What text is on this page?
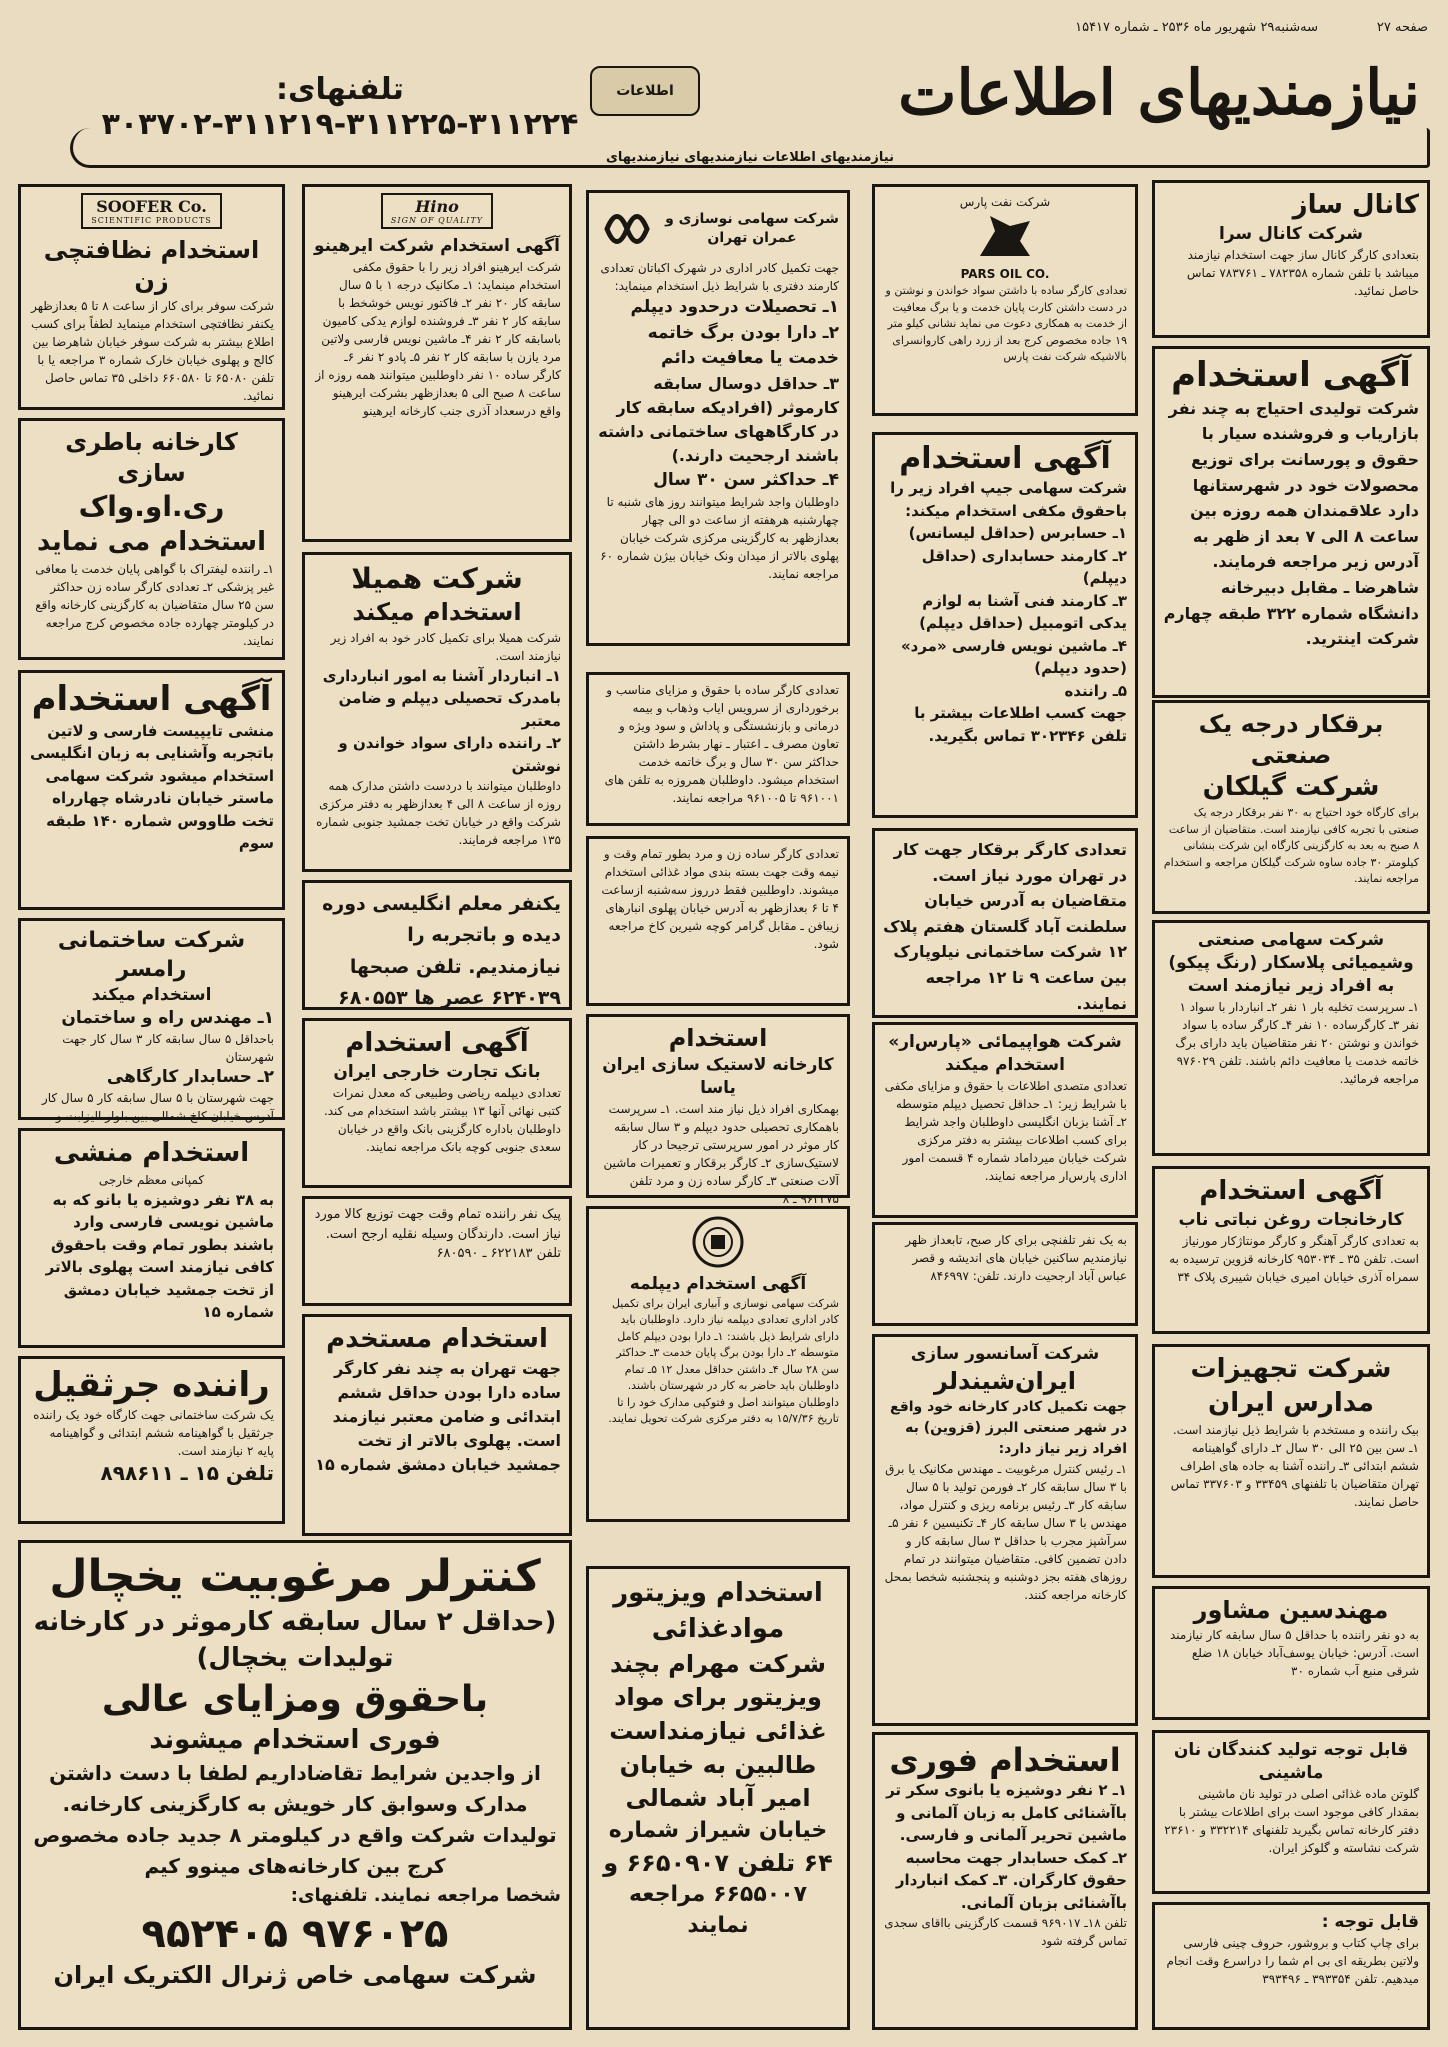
صفحه ۲۷
سه‌شنبه۲۹ شهریور ماه ۲۵۳۶ ـ شماره ۱۵۴۱۷
نیازمندیهای اطلاعات
نیازمندیهای اطلاعات نیازمندیهای نیازمندیهای
اطلاعات
تلفنهای: ۳۰۳۷۰۲-۳۱۱۲۱۹-۳۱۱۲۲۵-۳۱۱۲۲۴
SOOFER Co.
SCIENTIFIC PRODUCTS
استخدام نظافتچی زن
شرکت سوفر برای کار از ساعت ۸ تا ۵ بعدازظهر یکنفر نظافتچی استخدام مینماید لطفاً برای کسب اطلاع بیشتر به شرکت سوفر خیابان شاهرضا بین کالج و پهلوی خیابان خارک شماره ۳ مراجعه یا با تلفن ۶۵۰۸۰ تا ۶۶۰۵۸۰ داخلی ۳۵ تماس حاصل نمائید.
کارخانه باطری سازی
ری.او.واک
استخدام می نماید
۱ـ راننده لیفتراک با گواهی پایان خدمت یا معافی غیر پزشکی ۲ـ تعدادی کارگر ساده زن حداکثر سن ۲۵ سال متقاضیان به کارگزینی کارخانه واقع در کیلومتر چهارده جاده مخصوص کرج مراجعه نمایند.
آگهی استخدام
منشی تایپیست فارسی و لاتین باتجربه وآشنایی به زبان انگلیسی استخدام میشود شرکت سهامی ماستر خیابان نادرشاه چهارراه تخت طاووس شماره ۱۴۰ طبقه سوم
شرکت ساختمانی رامسر
استخدام میکند
۱ـ مهندس راه و ساختمان
باحداقل ۵ سال سابقه کار ۳ سال کار جهت شهرستان
۲ـ حسابدار کارگاهی
جهت شهرستان با ۵ سال سابقه کار ۵ سال کار آدرس خیابان کاخ شمالی بین بلوار الیزابت و
استخدام منشی
کمپانی معظم خارجی
به ۳۸ نفر دوشیزه یا بانو که به ماشین نویسی فارسی وارد باشند بطور تمام وقت باحقوق کافی نیازمند است پهلوی بالاتر از تخت جمشید خیابان دمشق شماره ۱۵
راننده جرثقیل
یک شرکت ساختمانی جهت کارگاه خود یک راننده جرثقیل با گواهینامه ششم ابتدائی و گواهینامه پایه ۲ نیازمند است.
تلفن ۱۵ ـ ۸۹۸۶۱۱
Hino
SIGN OF QUALITY
آگهی استخدام شرکت ایرهینو
شرکت ایرهینو افراد زیر را با حقوق مکفی استخدام مینماید: ۱ـ مکانیک درجه ۱ با ۵ سال سابقه کار ۲۰ نفر ۲ـ فاکتور نویس خوشخط با سابقه کار ۲ نفر ۳ـ فروشنده لوازم یدکی کامیون باسابقه کار ۲ نفر ۴ـ ماشین نویس فارسی ولاتین مرد یازن با سابقه کار ۲ نفر ۵ـ پادو ۲ نفر ۶ـ کارگر ساده ۱۰ نفر داوطلبین میتوانند همه روزه از ساعت ۸ صبح الی ۵ بعدازظهر بشرکت ایرهینو واقع درسعداد آذری جنب کارخانه ایرهینو
شرکت همیلا
استخدام میکند
شرکت همیلا برای تکمیل کادر خود به افراد زیر نیازمند است.
۱ـ انباردار آشنا به امور انبارداری بامدرک تحصیلی دیپلم و ضامن معتبر
۲ـ راننده دارای سواد خواندن و نوشتن
داوطلبان میتوانند با دردست داشتن مدارک همه روزه از ساعت ۸ الی ۴ بعدازظهر به دفتر مرکزی شرکت واقع در خیابان تخت جمشید جنوبی شماره ۱۳۵ مراجعه فرمایند.
یکنفر معلم انگلیسی دوره دیده و باتجربه را نیازمندیم. تلفن صبحها ۶۲۴۰۳۹ عصر ها ۶۸۰۵۵۳
آگهی استخدام
بانک تجارت خارجی ایران
تعدادی دیپلمه ریاضی وطبیعی که معدل نمرات کتبی نهائی آنها ۱۳ بیشتر باشد استخدام می کند. داوطلبان باداره کارگزینی بانک واقع در خیابان سعدی جنوبی کوچه بانک مراجعه نمایند.
پیک نفر راننده تمام وقت جهت توزیع کالا مورد نیاز است. دارندگان وسیله نقلیه ارجح است. تلفن ۶۲۲۱۸۳ ـ ۶۸۰۵۹۰
استخدام مستخدم
جهت تهران به چند نفر کارگر ساده دارا بودن حداقل ششم ابتدائی و ضامن معتبر نیازمند است. پهلوی بالاتر از تخت جمشید خیابان دمشق شماره ۱۵
کنترلر مرغوبیت یخچال
(حداقل ۲ سال سابقه کارموثر در کارخانه تولیدات یخچال)
باحقوق ومزایای عالی
فوری استخدام میشوند
از واجدین شرایط تقاضاداریم لطفا با دست داشتن مدارک وسوابق کار خویش به کارگزینی کارخانه. تولیدات شرکت واقع در کیلومتر ۸ جدید جاده مخصوص کرج بین کارخانه‌های مینوو کیم
شخصا مراجعه نمایند. تلفنهای:
۹۵۲۴۰۵ ۹۷۶۰۲۵
شرکت سهامی خاص ژنرال الکتریک ایران
شرکت سهامی نوسازی و عمران تهران
جهت تکمیل کادر اداری در شهرک اکباتان تعدادی کارمند دفتری با شرایط ذیل استخدام مینماید:
۱ـ تحصیلات درحدود دیپلم
۲ـ دارا بودن برگ خاتمه خدمت یا معافیت دائم
۳ـ حداقل دوسال سابقه کارموثر (افرادیکه سابقه کار در کارگاههای ساختمانی داشته باشند ارجحیت دارند.)
۴ـ حداکثر سن ۳۰ سال
داوطلبان واجد شرایط میتوانند روز های شنبه تا چهارشنبه هرهفته از ساعت دو الی چهار بعدازظهر به کارگزینی مرکزی شرکت خیابان پهلوی بالاتر از میدان ونک خیابان بیژن شماره ۶۰ مراجعه نمایند.
تعدادی کارگر ساده با حقوق و مزایای مناسب و برخورداری از سرویس ایاب وذهاب و بیمه درمانی و بازنشستگی و پاداش و سود ویژه و تعاون مصرف ـ اعتبار ـ نهار بشرط داشتن حداکثر سن ۳۰ سال و برگ خاتمه خدمت استخدام میشود. داوطلبان همروزه به تلفن های ۹۶۱۰۰۱ تا ۹۶۱۰۰۵ مراجعه نمایند.
تعدادی کارگر ساده زن و مرد بطور تمام وقت و نیمه وقت جهت بسته بندی مواد غذائی استخدام میشوند. داوطلبین فقط درروز سه‌شنبه ازساعت ۴ تا ۶ بعدازظهر به آدرس خیابان پهلوی انبارهای زیبافن ـ مقابل گرامر کوچه شیرین کاخ مراجعه شود.
استخدام
کارخانه لاستیک سازی ایران یاسا
بهمکاری افراد ذیل نیاز مند است. ۱ـ سرپرست باهمکاری تحصیلی حدود دیپلم و ۳ سال سابقه کار موثر در امور سرپرستی ترجیحا در کار لاستیک‌سازی ۲ـ کارگر برقکار و تعمیرات ماشین آلات صنعتی ۳ـ کارگر ساده زن و مرد تلفن ۹۶۳۳۷۵ ـ ۸
آگهی استخدام دیپلمه
شرکت سهامی نوسازی و آبیاری ایران برای تکمیل کادر اداری تعدادی دیپلمه نیاز دارد. داوطلبان باید دارای شرایط ذیل باشند: ۱ـ دارا بودن دیپلم کامل متوسطه ۲ـ دارا بودن برگ پایان خدمت ۳ـ حداکثر سن ۲۸ سال ۴ـ داشتن حداقل معدل ۱۲ ۵ـ تمام داوطلبان باید حاضر به کار در شهرستان باشند. داوطلبان میتوانند اصل و فتوکپی مدارک خود را تا تاریخ ۱۵/۷/۳۶ به دفتر مرکزی شرکت تحویل نمایند.
استخدام ویزیتور
موادغذائی
شرکت مهرام بچند
ویزیتور برای مواد
غذائی نیازمنداست
طالبین به خیابان
امیر آباد شمالی
خیابان شیراز شماره
۶۴ تلفن ۶۶۵۰۹۰۷ و
۶۶۵۵۰۰۷ مراجعه نمایند
شرکت نفت پارس
PARS OIL CO.
تعدادی کارگر ساده با داشتن سواد خواندن و نوشتن و در دست داشتن کارت پایان خدمت و یا برگ معافیت از خدمت به همکاری دعوت می نماید نشانی کیلو متر ۱۹ جاده مخصوص کرج بعد از زرد راهی کاروانسرای بالاشیکه شرکت نفت پارس
آگهی استخدام
شرکت سهامی جیپ افراد زیر را باحقوق مکفی استخدام میکند:
۱ـ حسابرس (حداقل لیسانس)
۲ـ کارمند حسابداری (حداقل دیپلم)
۳ـ کارمند فنی آشنا به لوازم یدکی اتومبیل (حداقل دیپلم)
۴ـ ماشین نویس فارسی «مرد» (حدود دیپلم)
۵ـ راننده
جهت کسب اطلاعات بیشتر با تلفن ۳۰۲۳۴۶ تماس بگیرید.
تعدادی کارگر برقکار جهت کار در تهران مورد نیاز است. متقاضیان به آدرس خیابان سلطنت آباد گلستان هفتم پلاک ۱۲ شرکت ساختمانی نیلوپارک بین ساعت ۹ تا ۱۲ مراجعه نمایند.
شرکت هواپیمائی «پارس‌ار»
استخدام میکند
تعدادی متصدی اطلاعات با حقوق و مزایای مکفی با شرایط زیر: ۱ـ حداقل تحصیل دیپلم متوسطه ۲ـ آشنا بزبان انگلیسی داوطلبان واجد شرایط برای کسب اطلاعات بیشتر به دفتر مرکزی شرکت خیابان میرداماد شماره ۴ قسمت امور اداری پارس‌ار مراجعه نمایند.
به یک نفر تلفنچی برای کار صبح، تابعداز ظهر نیازمندیم ساکنین خیابان های اندیشه و قصر عباس آباد ارجحیت دارند. تلفن: ۸۴۶۹۹۷
شرکت آسانسور سازی
ایران‌شیندلر
جهت تکمیل کادر کارخانه خود واقع در شهر صنعتی البرز (قزوین) به افراد زیر نیاز دارد:
۱ـ رئیس کنترل مرغوبیت ـ مهندس مکانیک یا برق با ۳ سال سابقه کار ۲ـ فورمن تولید با ۵ سال سابقه کار ۳ـ رئیس برنامه ریزی و کنترل مواد، مهندس با ۳ سال سابقه کار ۴ـ تکنیسین ۶ نفر ۵ـ سرآشپز مجرب با حداقل ۳ سال سابقه کار و دادن تضمین کافی. متقاضیان میتوانند در تمام روزهای هفته بجز دوشنبه و پنجشنبه شخصا بمحل کارخانه مراجعه کنند.
استخدام فوری
۱ـ ۲ نفر دوشیزه یا بانوی سکر تر باآشنائی کامل به زبان آلمانی و ماشین تحریر آلمانی و فارسی. ۲ـ کمک حسابدار جهت محاسبه حقوق کارگران. ۳ـ کمک انباردار باآشنائی بزبان آلمانی.
تلفن ۱۸ـ ۹۶۹۰۱۷ قسمت کارگزینی بااقای سجدی تماس گرفته شود
کانال ساز
شرکت کانال سرا
بتعدادی کارگر کانال ساز جهت استخدام نیازمند میباشد با تلفن شماره ۷۸۲۳۵۸ ـ ۷۸۳۷۶۱ تماس حاصل نمائید.
آگهی استخدام
شرکت تولیدی احتیاج به چند نفر بازاریاب و فروشنده سیار با حقوق و پورسانت برای توزیع محصولات خود در شهرستانها دارد علاقمندان همه روزه بین ساعت ۸ الی ۷ بعد از ظهر به آدرس زیر مراجعه فرمایند. شاهرضا ـ مقابل دبیرخانه دانشگاه شماره ۳۲۲ طبقه چهارم شرکت اینترید.
برقکار درجه یک صنعتی
شرکت گیلکان
برای کارگاه خود احتیاج به ۳۰ نفر برقکار درجه یک صنعتی با تجربه کافی نیازمند است. متقاضیان از ساعت ۸ صبح به بعد به کارگزینی کارگاه این شرکت بنشانی کیلومتر ۳۰ جاده ساوه شرکت گیلکان مراجعه و استخدام مراجعه نمایند.
شرکت سهامی صنعتی وشیمیائی پلاسکار (رنگ پیکو)
به افراد زیر نیازمند است
۱ـ سرپرست تخلیه بار ۱ نفر ۲ـ انباردار با سواد ۱ نفر ۳ـ کارگرساده ۱۰ نفر ۴ـ کارگر ساده با سواد خواندن و نوشتن ۲۰ نفر متقاضیان باید دارای برگ خاتمه خدمت یا معافیت دائم باشند. تلفن ۹۷۶۰۲۹ مراجعه فرمائید.
آگهی استخدام
کارخانجات روغن نباتی ناب
به تعدادی کارگر آهنگر و کارگر مونتاژکار مورنیاز است. تلفن ۳۵ ـ ۹۵۳۰۳۴ کارخانه قزوین ترسیده به سمراه آذری خیابان امیری خیابان شیبری پلاک ۳۴
شرکت تجهیزات
مدارس ایران
بیک راننده و مستخدم با شرایط ذیل نیازمند است.
۱ـ سن بین ۲۵ الی ۳۰ سال ۲ـ دارای گواهینامه ششم ابتدائی ۳ـ راننده آشنا به جاده های اطراف تهران متقاضیان با تلفنهای ۳۳۴۵۹ و ۳۳۷۶۰۳ تماس حاصل نمایند.
مهندسین مشاور
به دو نفر راننده با حداقل ۵ سال سابقه کار نیازمند است. آدرس: خیابان یوسف‌آباد خیابان ۱۸ ضلع شرقی منبع آب شماره ۳۰
قابل توجه تولید کنندگان نان ماشینی
گلوتن ماده غذائی اصلی در تولید نان ماشینی بمقدار کافی موجود است برای اطلاعات بیشتر با دفتر کارخانه تماس بگیرید تلفنهای ۳۳۲۲۱۴ و ۲۳۶۱۰ شرکت نشاسته و گلوکز ایران.
قابل توجه :
برای چاپ کتاب و بروشور، حروف چینی فارسی ولاتین بطریقه ای بی ام شما را دراسرع وقت انجام میدهیم. تلفن ۳۹۳۳۵۴ ـ ۳۹۳۴۹۶
